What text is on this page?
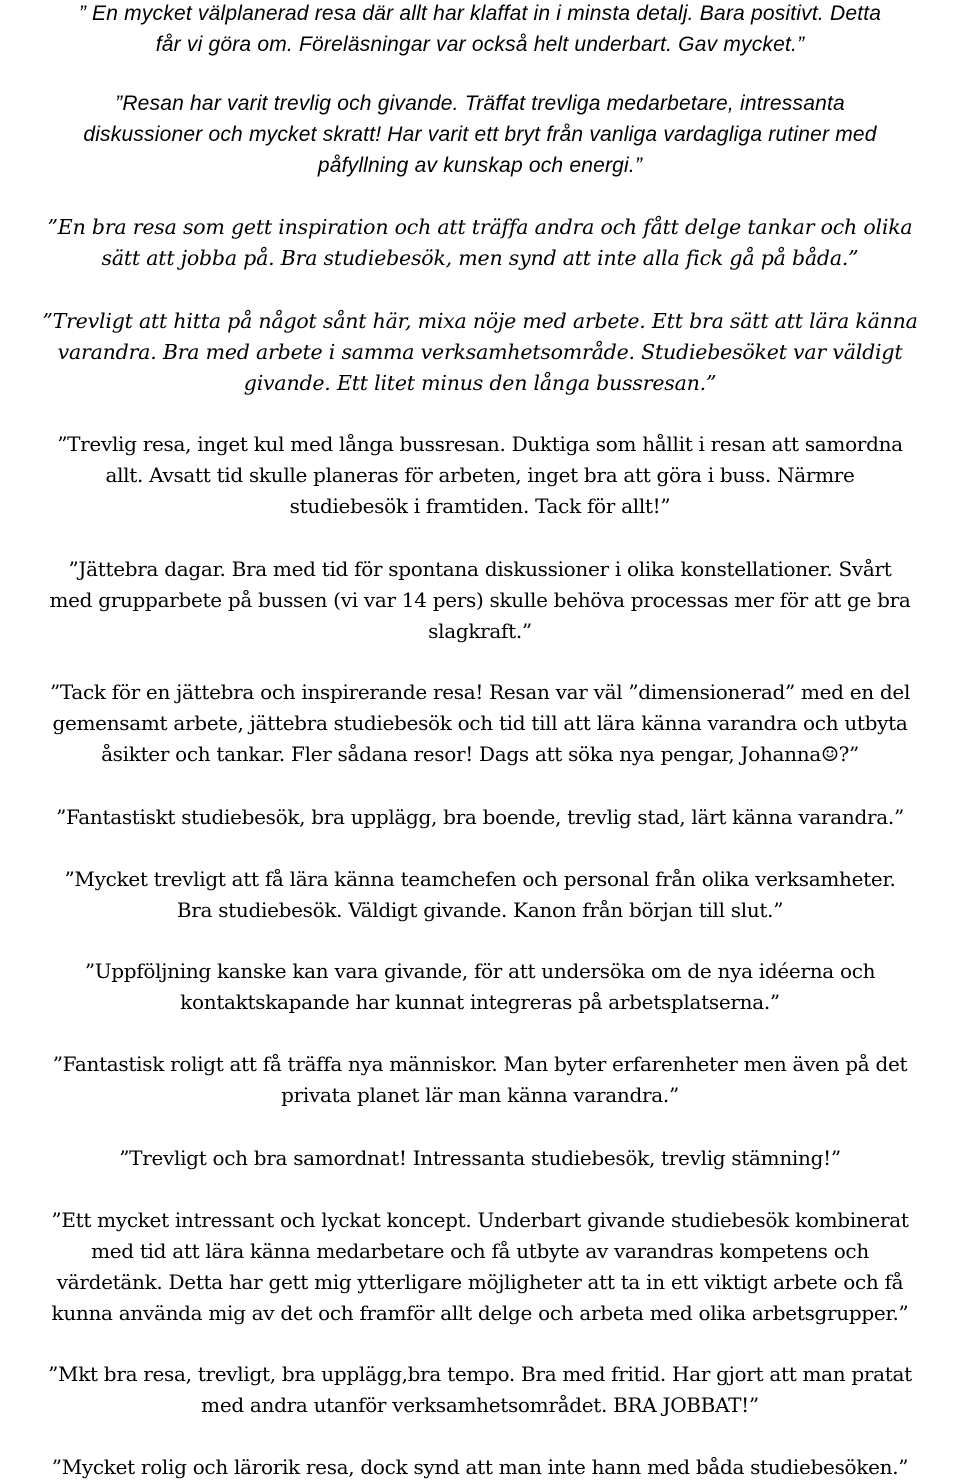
” En mycket välplanerad resa där allt har klaffat in i minsta detalj. Bara positivt. Detta
får vi göra om. Föreläsningar var också helt underbart. Gav mycket.”
”Resan har varit trevlig och givande. Träffat trevliga medarbetare, intressanta
diskussioner och mycket skratt! Har varit ett bryt från vanliga vardagliga rutiner med
påfyllning av kunskap och energi.”
”En bra resa som gett inspiration och att träffa andra och fått delge tankar och olika
sätt att jobba på. Bra studiebesök, men synd att inte alla fick gå på båda.”
”Trevligt att hitta på något sånt här, mixa nöje med arbete. Ett bra sätt att lära känna
varandra. Bra med arbete i samma verksamhetsområde. Studiebesöket var väldigt
givande. Ett litet minus den långa bussresan.”
”Trevlig resa, inget kul med långa bussresan. Duktiga som hållit i resan att samordna
allt. Avsatt tid skulle planeras för arbeten, inget bra att göra i buss. Närmre
studiebesök i framtiden. Tack för allt!”
”Jättebra dagar. Bra med tid för spontana diskussioner i olika konstellationer. Svårt
med grupparbete på bussen (vi var 14 pers) skulle behöva processas mer för att ge bra
slagkraft.”
”Tack för en jättebra och inspirerande resa! Resan var väl ”dimensionerad” med en del
gemensamt arbete, jättebra studiebesök och tid till att lära känna varandra och utbyta
åsikter och tankar. Fler sådana resor! Dags att söka nya pengar, Johanna☺?”
”Fantastiskt studiebesök, bra upplägg, bra boende, trevlig stad, lärt känna varandra.”
”Mycket trevligt att få lära känna teamchefen och personal från olika verksamheter.
Bra studiebesök. Väldigt givande. Kanon från början till slut.”
”Uppföljning kanske kan vara givande, för att undersöka om de nya idéerna och
kontaktskapande har kunnat integreras på arbetsplatserna.”
”Fantastisk roligt att få träffa nya människor. Man byter erfarenheter men även på det
privata planet lär man känna varandra.”
”Trevligt och bra samordnat! Intressanta studiebesök, trevlig stämning!”
”Ett mycket intressant och lyckat koncept. Underbart givande studiebesök kombinerat
med tid att lära känna medarbetare och få utbyte av varandras kompetens och
värdetänk. Detta har gett mig ytterligare möjligheter att ta in ett viktigt arbete och få
kunna använda mig av det och framför allt delge och arbeta med olika arbetsgrupper.”
”Mkt bra resa, trevligt, bra upplägg,bra tempo. Bra med fritid. Har gjort att man pratat
med andra utanför verksamhetsområdet. BRA JOBBAT!”
”Mycket rolig och lärorik resa, dock synd att man inte hann med båda studiebesöken.”
